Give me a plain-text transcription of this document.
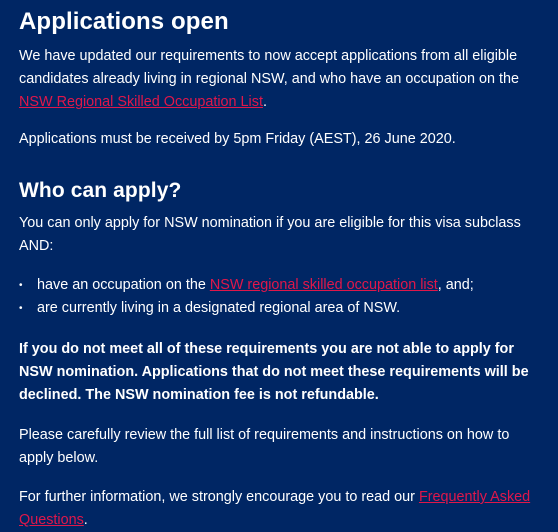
Applications open

We have updated our requirements to now accept applications from all eligible candidates already living in regional NSW, and who have an occupation on the NSW Regional Skilled Occupation List.

Applications must be received by 5pm Friday (AEST), 26 June 2020.

Who can apply?

You can only apply for NSW nomination if you are eligible for this visa subclass AND:

•	have an occupation on the NSW regional skilled occupation list, and;
•	are currently living in a designated regional area of NSW.

If you do not meet all of these requirements you are not able to apply for NSW nomination. Applications that do not meet these requirements will be declined. The NSW nomination fee is not refundable.

Please carefully review the full list of requirements and instructions on how to apply below.

For further information, we strongly encourage you to read our Frequently Asked Questions.
